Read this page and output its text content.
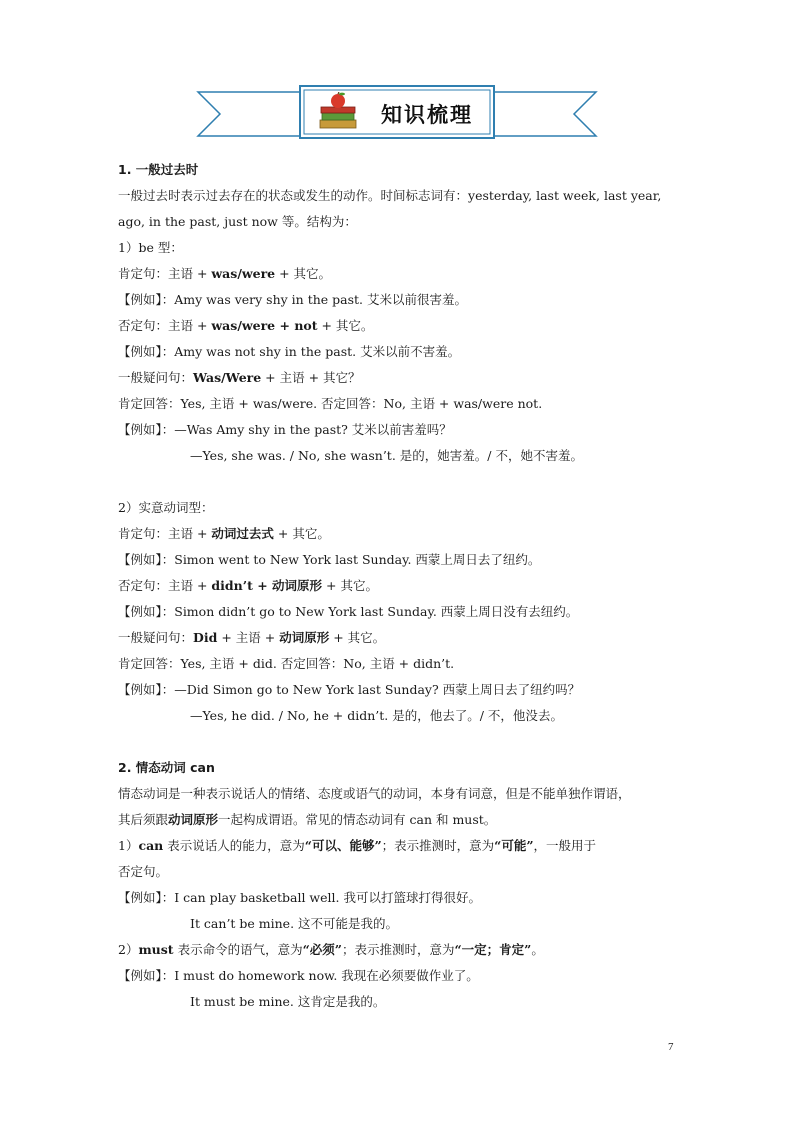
知识梳理
1. 一般过去时
一般过去时表示过去存在的状态或发生的动作。时间标志词有：yesterday, last week, last year,
ago, in the past, just now 等。结构为：
1）be 型：
肯定句：主语 + was/were + 其它。
【例如】：Amy was very shy in the past. 艾米以前很害羞。
否定句：主语 + was/were + not + 其它。
【例如】：Amy was not shy in the past. 艾米以前不害羞。
一般疑问句：Was/Were + 主语 + 其它？
肯定回答：Yes, 主语 + was/were. 否定回答：No, 主语 + was/were not.
【例如】：—Was Amy shy in the past? 艾米以前害羞吗？
—Yes, she was. / No, she wasn’t. 是的，她害羞。/ 不，她不害羞。
2）实意动词型：
肯定句：主语 + 动词过去式 + 其它。
【例如】：Simon went to New York last Sunday. 西蒙上周日去了纽约。
否定句：主语 + didn’t + 动词原形 + 其它。
【例如】：Simon didn’t go to New York last Sunday. 西蒙上周日没有去纽约。
一般疑问句：Did + 主语 + 动词原形 + 其它。
肯定回答：Yes, 主语 + did. 否定回答：No, 主语 + didn’t.
【例如】：—Did Simon go to New York last Sunday? 西蒙上周日去了纽约吗？
—Yes, he did. / No, he + didn’t. 是的，他去了。/ 不，他没去。
2. 情态动词 can
情态动词是一种表示说话人的情绪、态度或语气的动词，本身有词意，但是不能单独作谓语，
其后须跟动词原形一起构成谓语。常见的情态动词有 can 和 must。
1）can 表示说话人的能力，意为“可以、能够”；表示推测时，意为“可能”，一般用于
否定句。
【例如】：I can play basketball well. 我可以打篮球打得很好。
It can’t be mine. 这不可能是我的。
2）must 表示命令的语气，意为“必须”；表示推测时，意为“一定；肯定”。
【例如】：I must do homework now. 我现在必须要做作业了。
It must be mine. 这肯定是我的。
7
